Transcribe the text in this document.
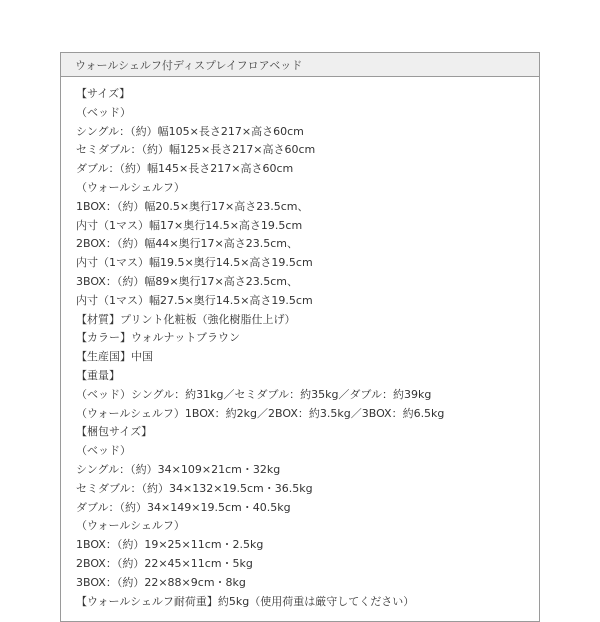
ウォールシェルフ付ディスプレイフロアベッド
【サイズ】
（ベッド）
シングル：（約）幅105×長さ217×高さ60cm
セミダブル：（約）幅125×長さ217×高さ60cm
ダブル：（約）幅145×長さ217×高さ60cm
（ウォールシェルフ）
1BOX：（約）幅20.5×奥行17×高さ23.5cm、
内寸（1マス）幅17×奥行14.5×高さ19.5cm
2BOX：（約）幅44×奥行17×高さ23.5cm、
内寸（1マス）幅19.5×奥行14.5×高さ19.5cm
3BOX：（約）幅89×奥行17×高さ23.5cm、
内寸（1マス）幅27.5×奥行14.5×高さ19.5cm
【材質】プリント化粧板（強化樹脂仕上げ）
【カラー】ウォルナットブラウン
【生産国】中国
【重量】
（ベッド）シングル：約31kg／セミダブル：約35kg／ダブル：約39kg
（ウォールシェルフ）1BOX：約2kg／2BOX：約3.5kg／3BOX：約6.5kg
【梱包サイズ】
（ベッド）
シングル：（約）34×109×21cm・32kg
セミダブル：（約）34×132×19.5cm・36.5kg
ダブル：（約）34×149×19.5cm・40.5kg
（ウォールシェルフ）
1BOX：（約）19×25×11cm・2.5kg
2BOX：（約）22×45×11cm・5kg
3BOX：（約）22×88×9cm・8kg
【ウォールシェルフ耐荷重】約5kg（使用荷重は厳守してください）
